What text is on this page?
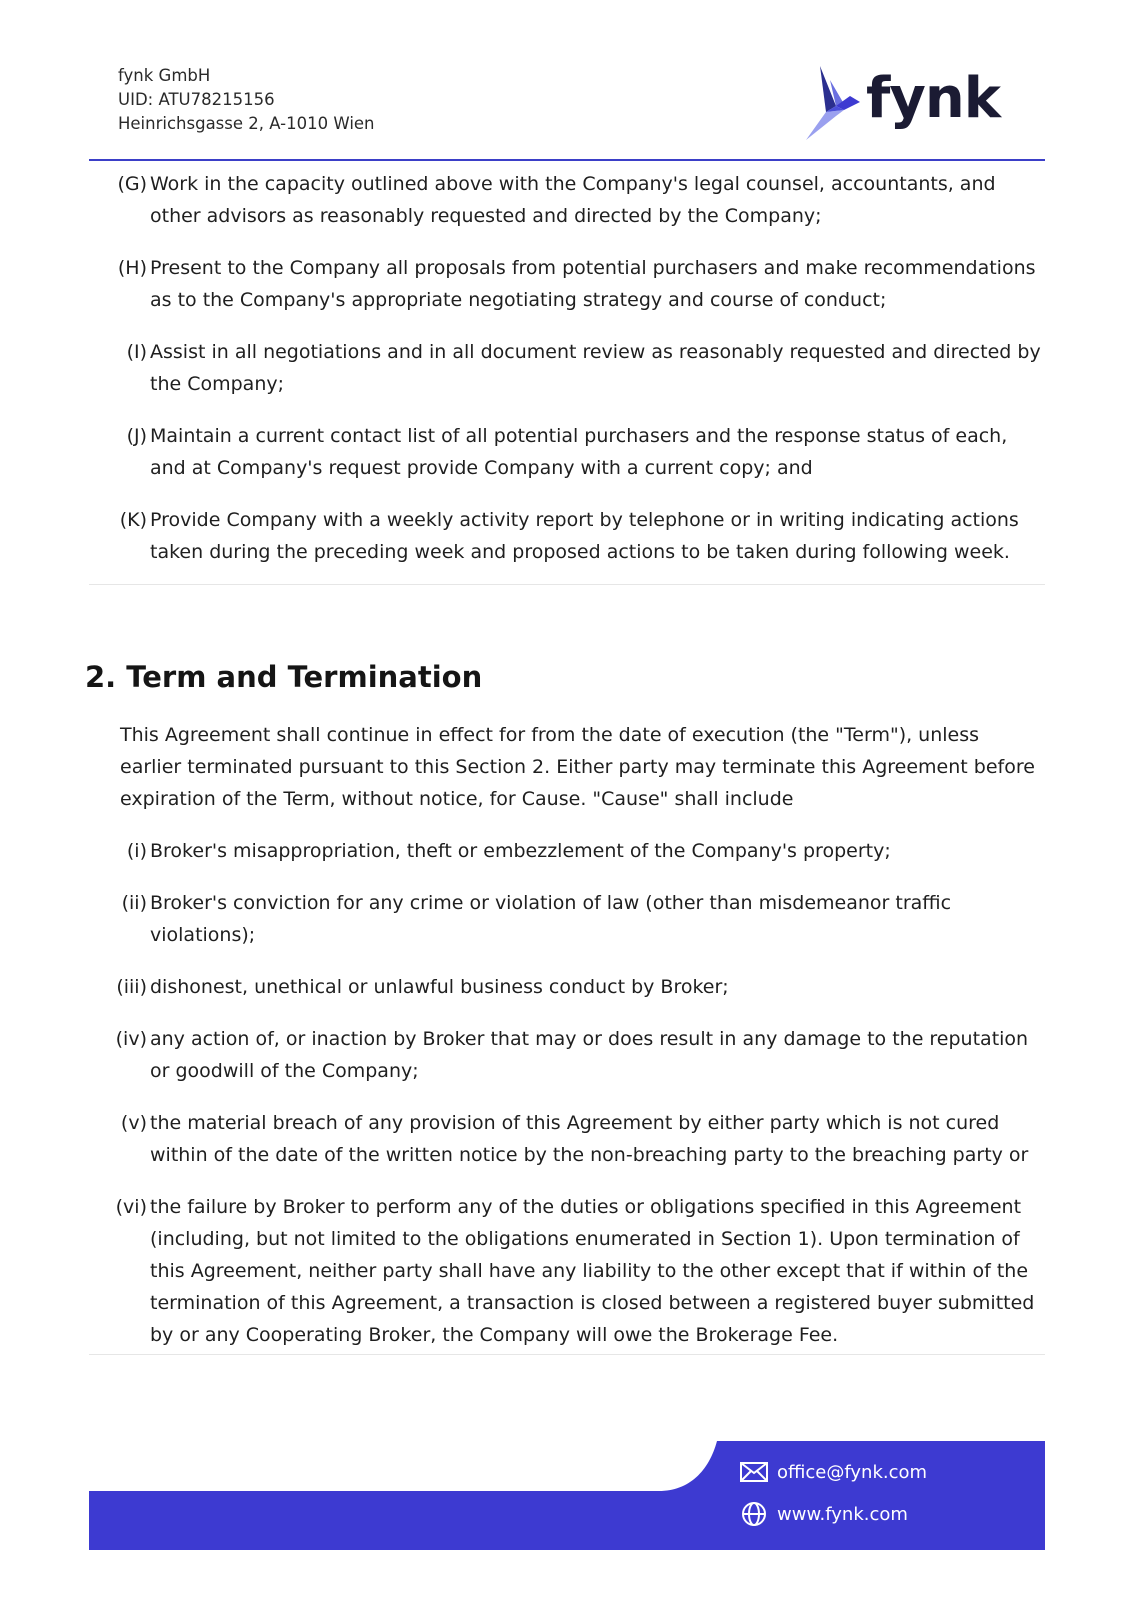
fynk GmbH
UID: ATU78215156
Heinrichsgasse 2, A-1010 Wien	fynk
(G) Work in the capacity outlined above with the Company's legal counsel, accountants, and other advisors as reasonably requested and directed by the Company;
(H) Present to the Company all proposals from potential purchasers and make recommendations as to the Company's appropriate negotiating strategy and course of conduct;
(I) Assist in all negotiations and in all document review as reasonably requested and directed by the Company;
(J) Maintain a current contact list of all potential purchasers and the response status of each, and at Company's request provide Company with a current copy; and
(K) Provide Company with a weekly activity report by telephone or in writing indicating actions taken during the preceding week and proposed actions to be taken during following week.
2. Term and Termination

This Agreement shall continue in effect for from the date of execution (the "Term"), unless earlier terminated pursuant to this Section 2. Either party may terminate this Agreement before expiration of the Term, without notice, for Cause. "Cause" shall include

(i) Broker's misappropriation, theft or embezzlement of the Company's property;
(ii) Broker's conviction for any crime or violation of law (other than misdemeanor traffic violations);
(iii) dishonest, unethical or unlawful business conduct by Broker;
(iv) any action of, or inaction by Broker that may or does result in any damage to the reputation or goodwill of the Company;
(v) the material breach of any provision of this Agreement by either party which is not cured within of the date of the written notice by the non-breaching party to the breaching party or
(vi) the failure by Broker to perform any of the duties or obligations specified in this Agreement (including, but not limited to the obligations enumerated in Section 1). Upon termination of this Agreement, neither party shall have any liability to the other except that if within of the termination of this Agreement, a transaction is closed between a registered buyer submitted by or any Cooperating Broker, the Company will owe the Brokerage Fee.
office@fynk.com
www.fynk.com
